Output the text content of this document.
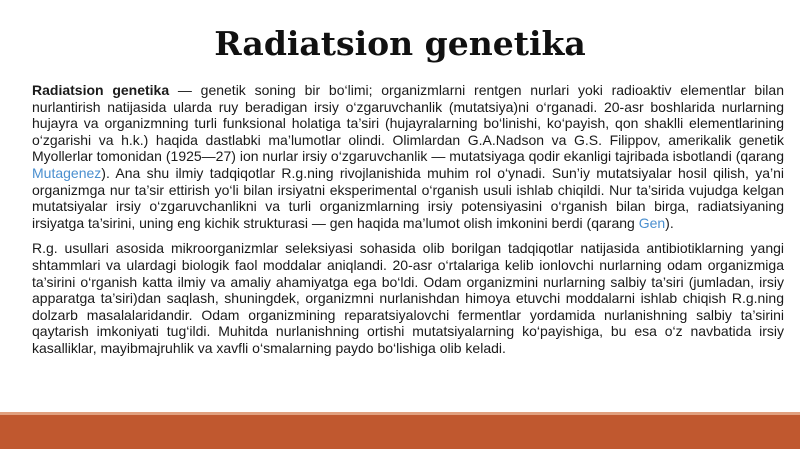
Radiatsion genetika

Radiatsion genetika — genetik soning bir bo‘limi; organizmlarni rentgen nurlari yoki radioaktiv elementlar bilan nurlantirish natijasida ularda ruy beradigan irsiy o‘zgaruvchanlik (mutatsiya)ni o‘rganadi. 20-asr boshlarida nurlarning hujayra va organizmning turli funksional holatiga ta’siri (hujayralarning bo‘linishi, ko‘payish, qon shaklli elementlarining o‘zgarishi va h.k.) haqida dastlabki ma’lumotlar olindi. Olimlardan G.A.Nadson va G.S. Filippov, amerikalik genetik Myollerlar tomonidan (1925—27) ion nurlar irsiy o‘zgaruvchanlik — mutatsiyaga qodir ekanligi tajribada isbotlandi (qarang Mutagenez). Ana shu ilmiy tadqiqotlar R.g.ning rivojlanishida muhim rol o‘ynadi. Sun’iy mutatsiyalar hosil qilish, ya’ni organizmga nur ta’sir ettirish yo‘li bilan irsiyatni eksperimental o‘rganish usuli ishlab chiqildi. Nur ta’sirida vujudga kelgan mutatsiyalar irsiy o‘zgaruvchanlikni va turli organizmlarning irsiy potensiyasini o‘rganish bilan birga, radiatsiyaning irsiyatga ta’sirini, uning eng kichik strukturasi — gen haqida ma’lumot olish imkonini berdi (qarang Gen).

R.g. usullari asosida mikroorganizmlar seleksiyasi sohasida olib borilgan tadqiqotlar natijasida antibiotiklarning yangi shtammlari va ulardagi biologik faol moddalar aniqlandi. 20-asr o‘rtalariga kelib ionlovchi nurlarning odam organizmiga ta’sirini o‘rganish katta ilmiy va amaliy ahamiyatga ega bo‘ldi. Odam organizmini nurlarning salbiy ta’siri (jumladan, irsiy apparatga ta’siri)dan saqlash, shuningdek, organizmni nurlanishdan himoya etuvchi moddalarni ishlab chiqish R.g.ning dolzarb masalalaridandir. Odam organizmining reparatsiyalovchi fermentlar yordamida nurlanishning salbiy ta’sirini qaytarish imkoniyati tug‘ildi. Muhitda nurlanishning ortishi mutatsiyalarning ko‘payishiga, bu esa o‘z navbatida irsiy kasalliklar, mayibmajruhlik va xavfli o‘smalarning paydo bo‘lishiga olib keladi.
